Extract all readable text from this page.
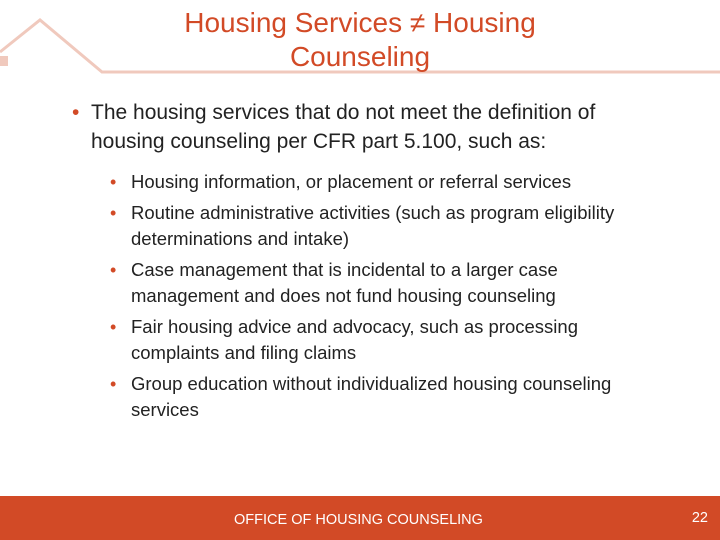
Housing Services ≠ Housing Counseling
• The housing services that do not meet the definition of housing counseling per CFR part 5.100, such as:
• Housing information, or placement or referral services
• Routine administrative activities (such as program eligibility determinations and intake)
• Case management that is incidental to a larger case management and does not fund housing counseling
• Fair housing advice and advocacy, such as processing complaints and filing claims
• Group education without individualized housing counseling services
OFFICE OF HOUSING COUNSELING	22
